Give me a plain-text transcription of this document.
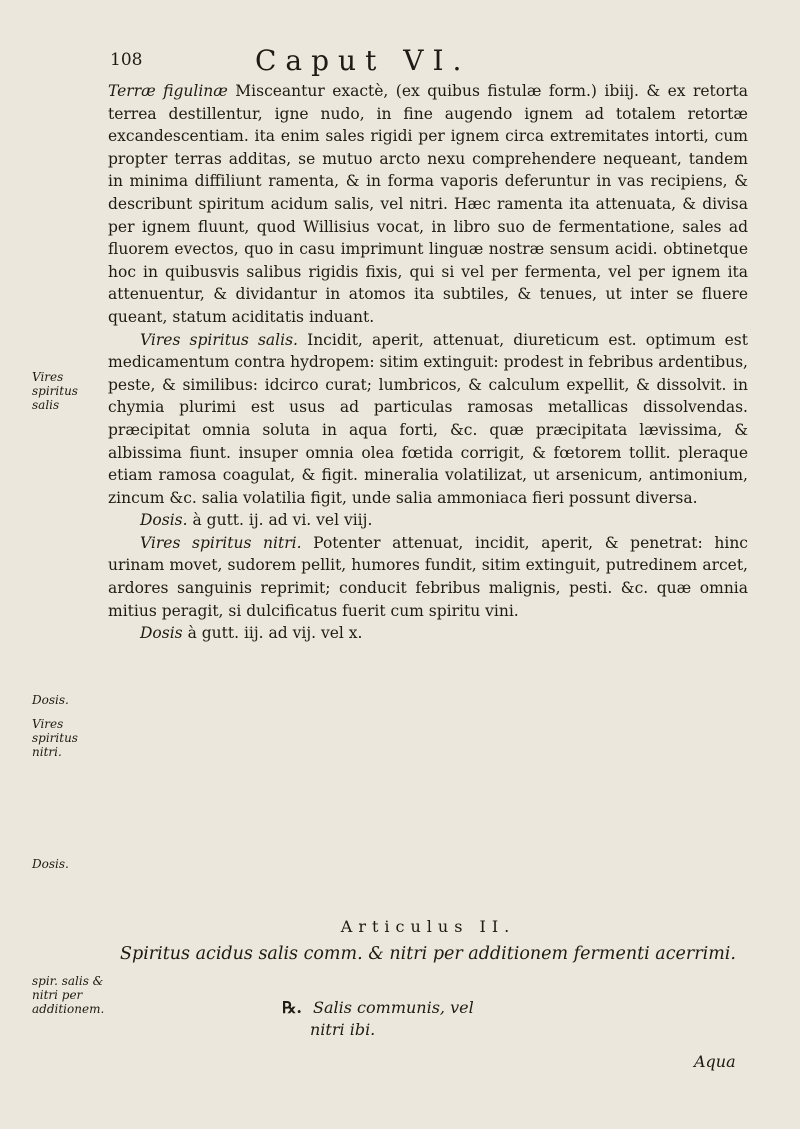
108	Caput VI.
Vires spiritus salis
Dosis.
Vires spiritus nitri.
Dosis.
spir. salis & nitri per additionem.

Terræ figulinæ Misceantur exactè, (ex quibus fistulæ form.) ibiij. & ex retorta terrea destillentur, igne nudo, in fine augendo ignem ad totalem retortæ excandescentiam. ita enim sales rigidi per ignem circa extremitates intorti, cum propter terras additas, se mutuo arcto nexu comprehendere nequeant, tandem in minima diffiliunt ramenta, & in forma vaporis deferuntur in vas recipiens, & describunt spiritum acidum salis, vel nitri. Hæc ramenta ita attenuata, & divisa per ignem fluunt, quod Willisius vocat, in libro suo de fermentatione, sales ad fluorem evectos, quo in casu imprimunt linguæ nostræ sensum acidi. obtinetque hoc in quibusvis salibus rigidis fixis, qui si vel per fermenta, vel per ignem ita attenuentur, & dividantur in atomos ita subtiles, & tenues, ut inter se fluere queant, statum aciditatis induant.

Vires spiritus salis. Incidit, aperit, attenuat, diureticum est. optimum est medicamentum contra hydropem: sitim extinguit: prodest in febribus ardentibus, peste, & similibus: idcirco curat; lumbricos, & calculum expellit, & dissolvit. in chymia plurimi est usus ad particulas ramosas metallicas dissolvendas. præcipitat omnia soluta in aqua forti, &c. quæ præcipitata lævissima, & albissima fiunt. insuper omnia olea fœtida corrigit, & fœtorem tollit. pleraque etiam ramosa coagulat, & figit. mineralia volatilizat, ut arsenicum, antimonium, zincum &c. salia volatilia figit, unde salia ammoniaca fieri possunt diversa.

Dosis. à gutt. ij. ad vi. vel viij.

Vires spiritus nitri. Potenter attenuat, incidit, aperit, & penetrat: hinc urinam movet, sudorem pellit, humores fundit, sitim extinguit, putredinem arcet, ardores sanguinis reprimit; conducit febribus malignis, pesti. &c. quæ omnia mitius peragit, si dulcificatus fuerit cum spiritu vini.

Dosis à gutt. iij. ad vij. vel x.

Articulus II.
Spiritus acidus salis comm. & nitri per additionem fermenti acerrimi.
℞. Salis communis, vel
nitri ibi.
Aqua
